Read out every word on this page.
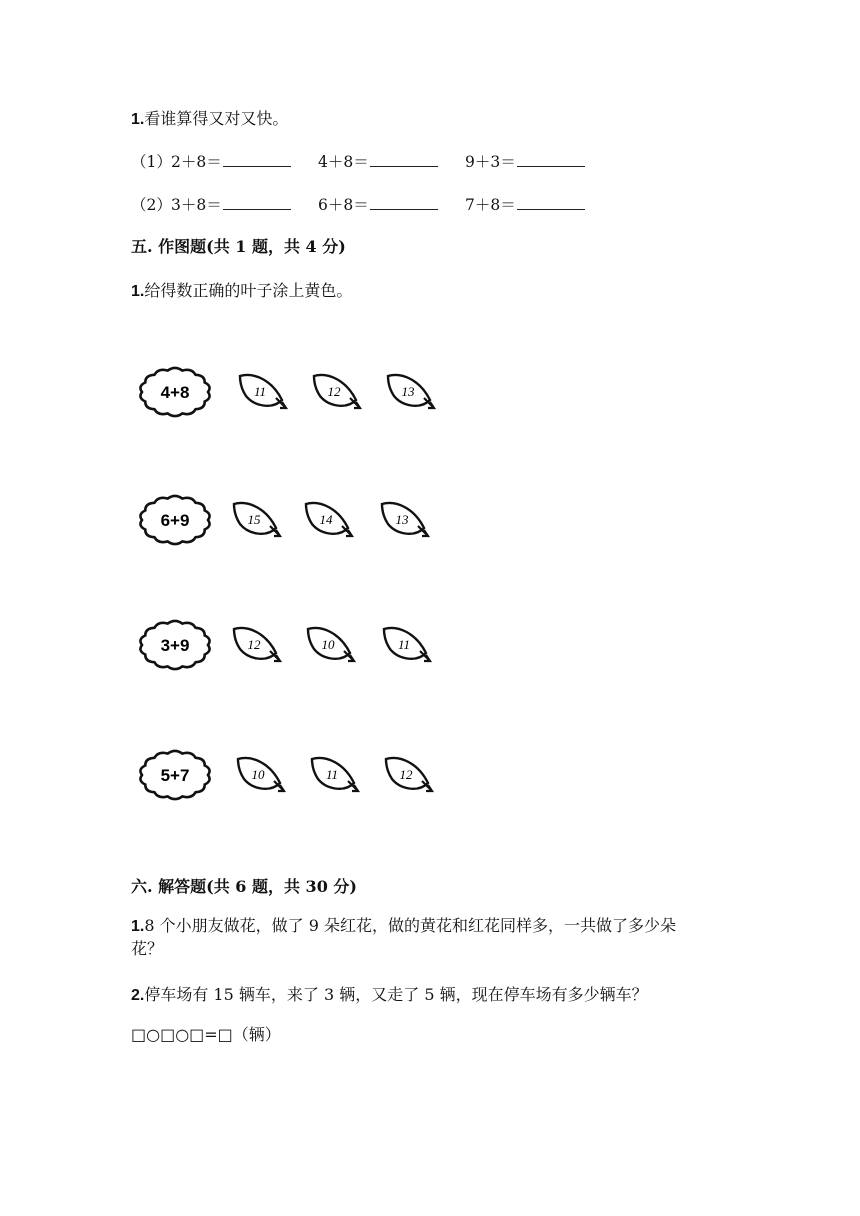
1.看谁算得又对又快。
（1） 2＋8＝	4＋8＝	9＋3＝
（2） 3＋8＝	6＋8＝	7＋8＝
五. 作图题(共 1 题，共 4 分)
1.给得数正确的叶子涂上黄色。
4+8	11	12	13
6+9	15	14	13
3+9	12	10	11
5+7	10	11	12
六. 解答题(共 6 题，共 30 分)
1.8 个小朋友做花，做了 9 朵红花，做的黄花和红花同样多，一共做了多少朵
花？
2.停车场有 15 辆车，来了 3 辆，又走了 5 辆，现在停车场有多少辆车？
□○□○□=□（辆）
